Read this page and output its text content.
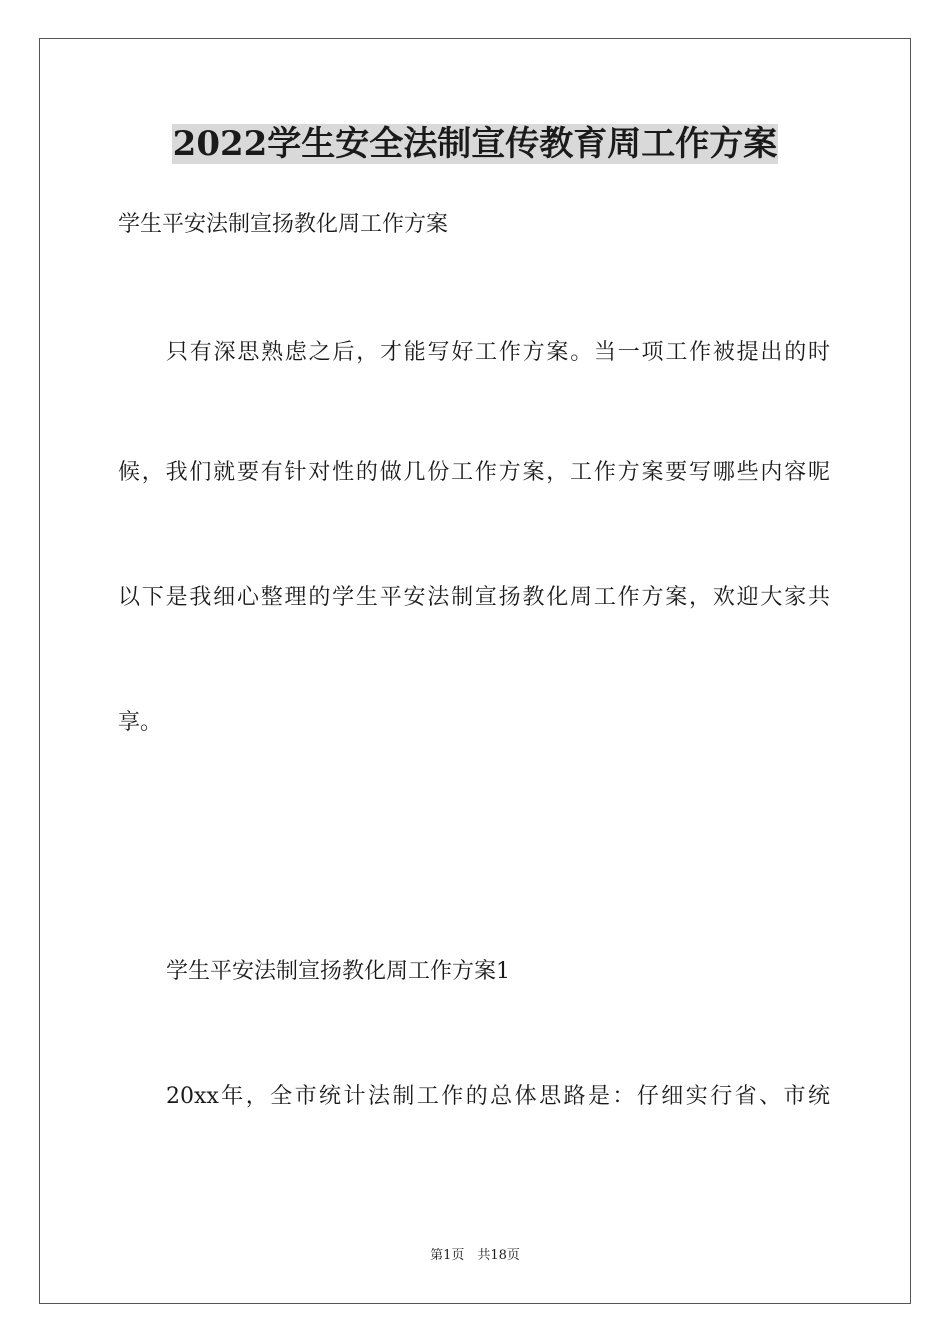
2022学生安全法制宣传教育周工作方案
学生平安法制宣扬教化周工作方案
只有深思熟虑之后，才能写好工作方案。当一项工作被提出的时
候，我们就要有针对性的做几份工作方案，工作方案要写哪些内容呢
以下是我细心整理的学生平安法制宣扬教化周工作方案，欢迎大家共
享。
学生平安法制宣扬教化周工作方案1
20xx年，全市统计法制工作的总体思路是：仔细实行省、市统
第1页　共18页
